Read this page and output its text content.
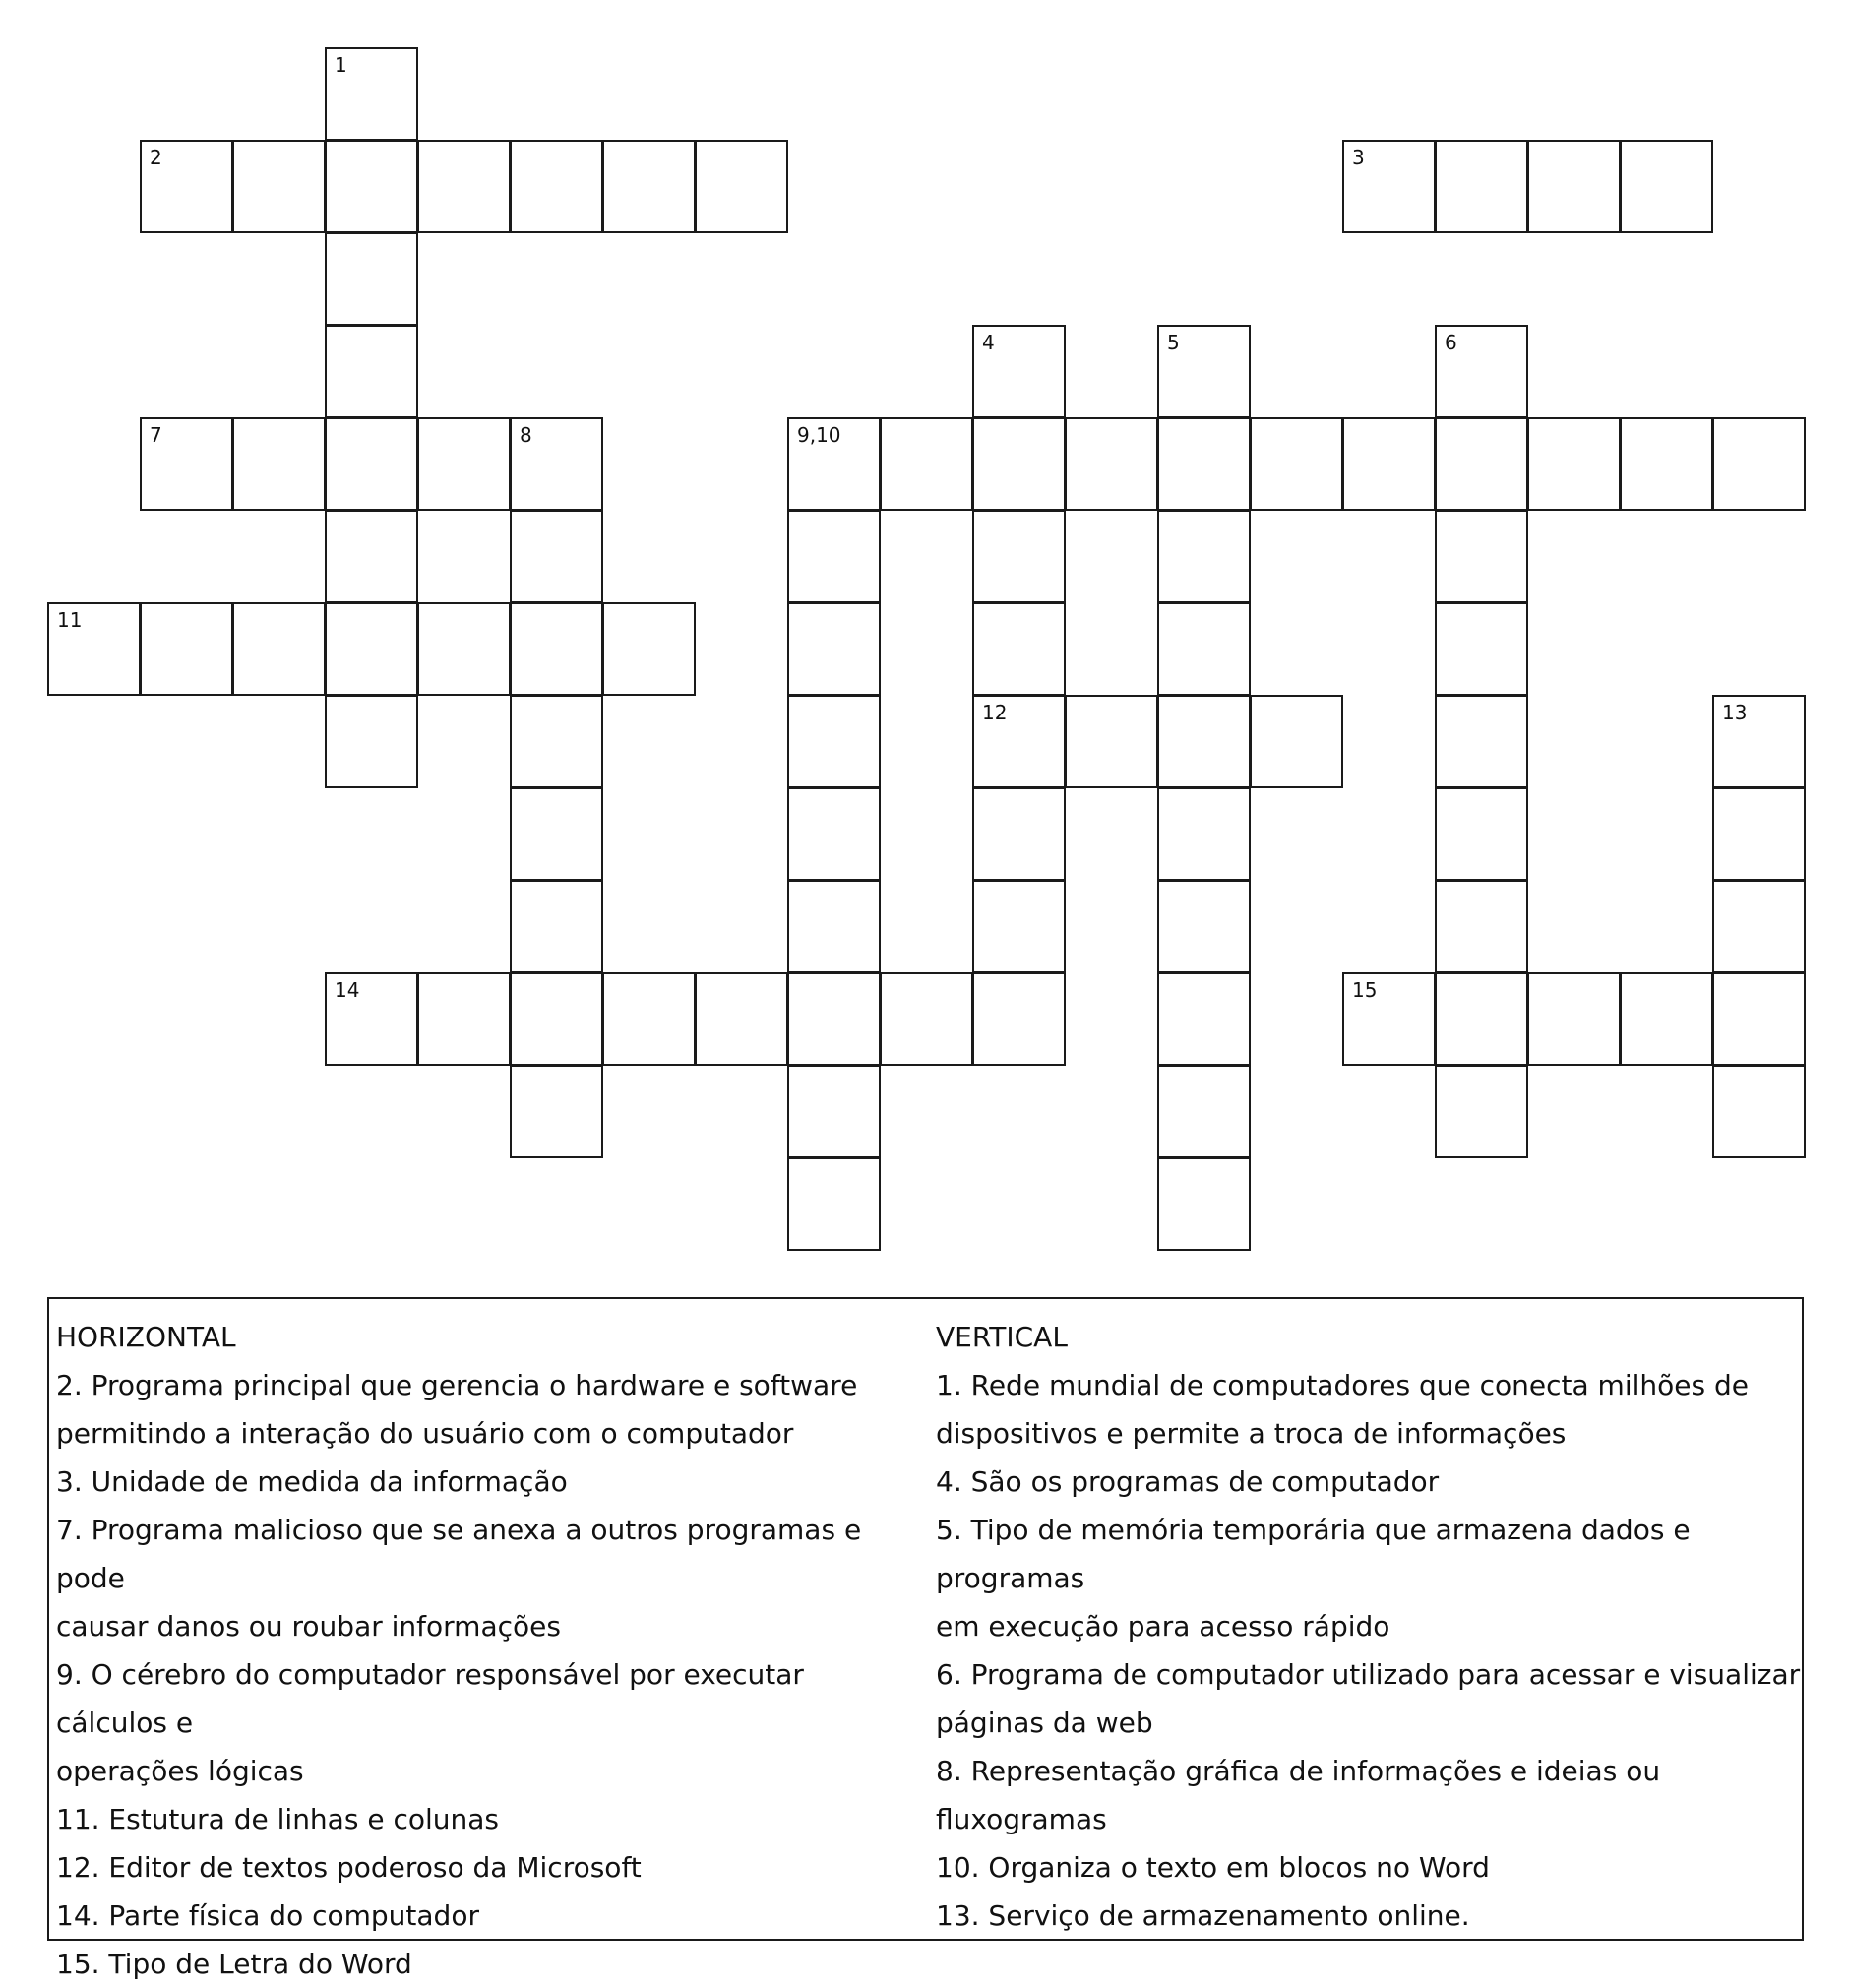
1
2	3
4	5	6
7	8	9,10
11
12	13
14	15
HORIZONTAL
2. Programa principal que gerencia o hardware e software
permitindo a interação do usuário com o computador
3. Unidade de medida da informação
7. Programa malicioso que se anexa a outros programas e pode
causar danos ou roubar informações
9. O cérebro do computador responsável por executar cálculos e
operações lógicas
11. Estutura de linhas e colunas
12. Editor de textos poderoso da Microsoft
14. Parte física do computador
15. Tipo de Letra do Word
VERTICAL
1. Rede mundial de computadores que conecta milhões de
dispositivos e permite a troca de informações
4. São os programas de computador
5. Tipo de memória temporária que armazena dados e programas
em execução para acesso rápido
6. Programa de computador utilizado para acessar e visualizar
páginas da web
8. Representação gráfica de informações e ideias ou fluxogramas
10. Organiza o texto em blocos no Word
13. Serviço de armazenamento online.
